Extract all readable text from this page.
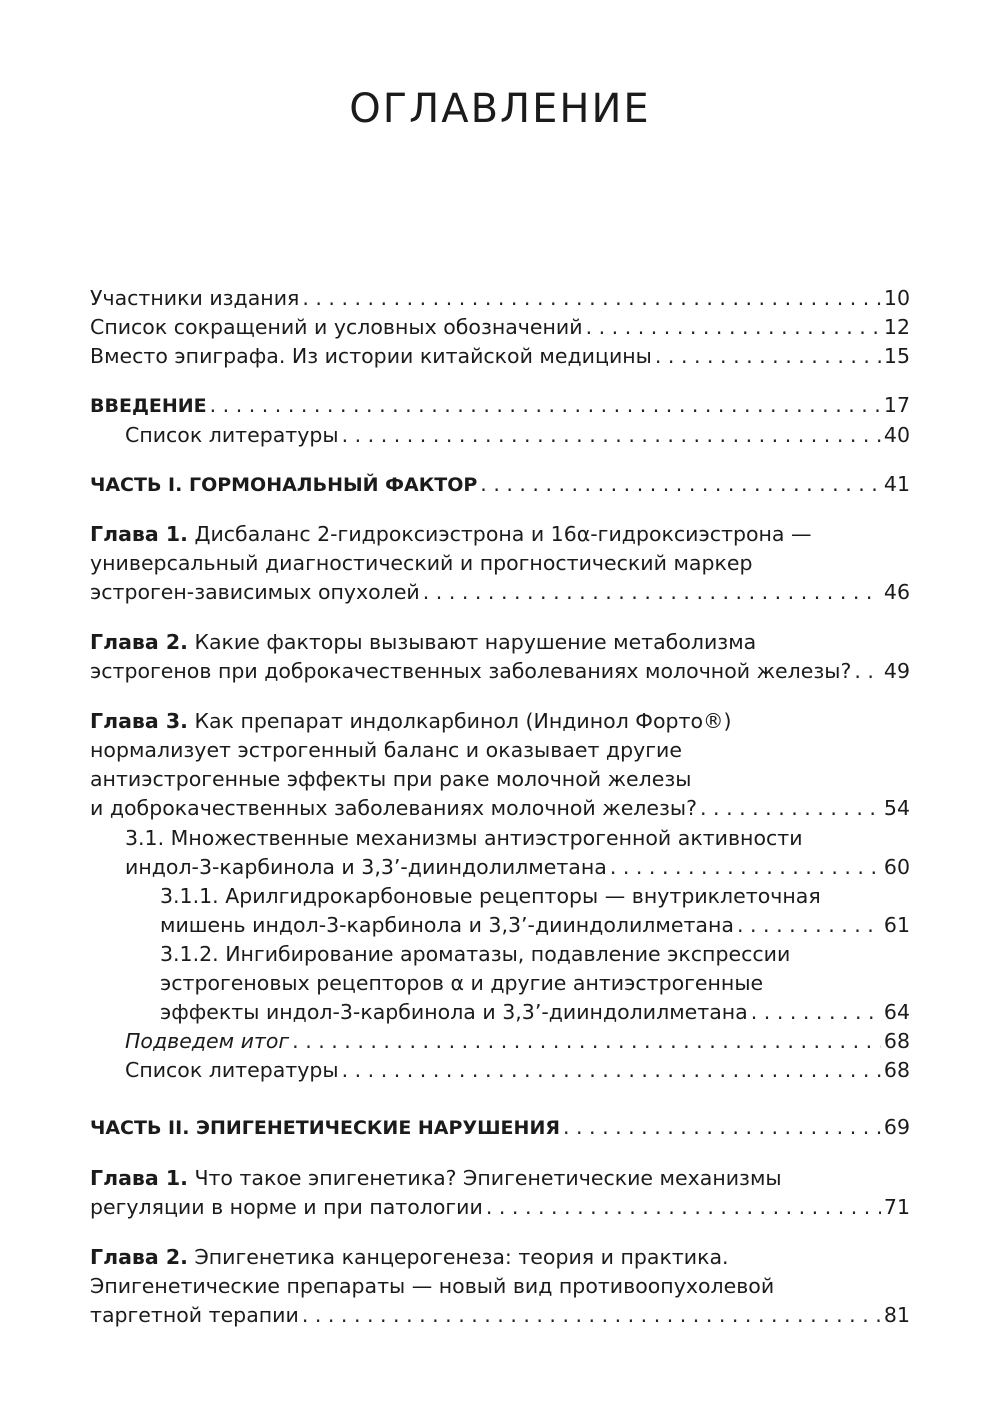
ОГЛАВЛЕНИЕ
Участники издания . . .	10
Список сокращений и условных обозначений . . .	12
Вместо эпиграфа. Из истории китайской медицины . . .	15
ВВЕДЕНИЕ . . .	17
Список литературы . . .	40
ЧАСТЬ I. ГОРМОНАЛЬНЫЙ ФАКТОР . . .	41
Глава 1. Дисбаланс 2-гидроксиэстрона и 16α-гидроксиэстрона —
универсальный диагностический и прогностический маркер
эстроген-зависимых опухолей . . .	46
Глава 2. Какие факторы вызывают нарушение метаболизма
эстрогенов при доброкачественных заболеваниях молочной железы? . . . 49
Глава 3. Как препарат индолкарбинол (Индинол Форто®)
нормализует эстрогенный баланс и оказывает другие
антиэстрогенные эффекты при раке молочной железы
и доброкачественных заболеваниях молочной железы? . . .	54
3.1. Множественные механизмы антиэстрогенной активности
индол-3-карбинола и 3,3’-дииндолилметана . . .	60
3.1.1. Арилгидрокарбоновые рецепторы — внутриклеточная
мишень индол-3-карбинола и 3,3’-дииндолилметана . . .	61
3.1.2. Ингибирование ароматазы, подавление экспрессии
эстрогеновых рецепторов α и другие антиэстрогенные
эффекты индол-3-карбинола и 3,3’-дииндолилметана . . .	64
Подведем итог . . .	68
Список литературы . . .	68
ЧАСТЬ II. ЭПИГЕНЕТИЧЕСКИЕ НАРУШЕНИЯ . . .	69
Глава 1. Что такое эпигенетика? Эпигенетические механизмы
регуляции в норме и при патологии . . .	71
Глава 2. Эпигенетика канцерогенеза: теория и практика.
Эпигенетические препараты — новый вид противоопухолевой
таргетной терапии . . .	81
